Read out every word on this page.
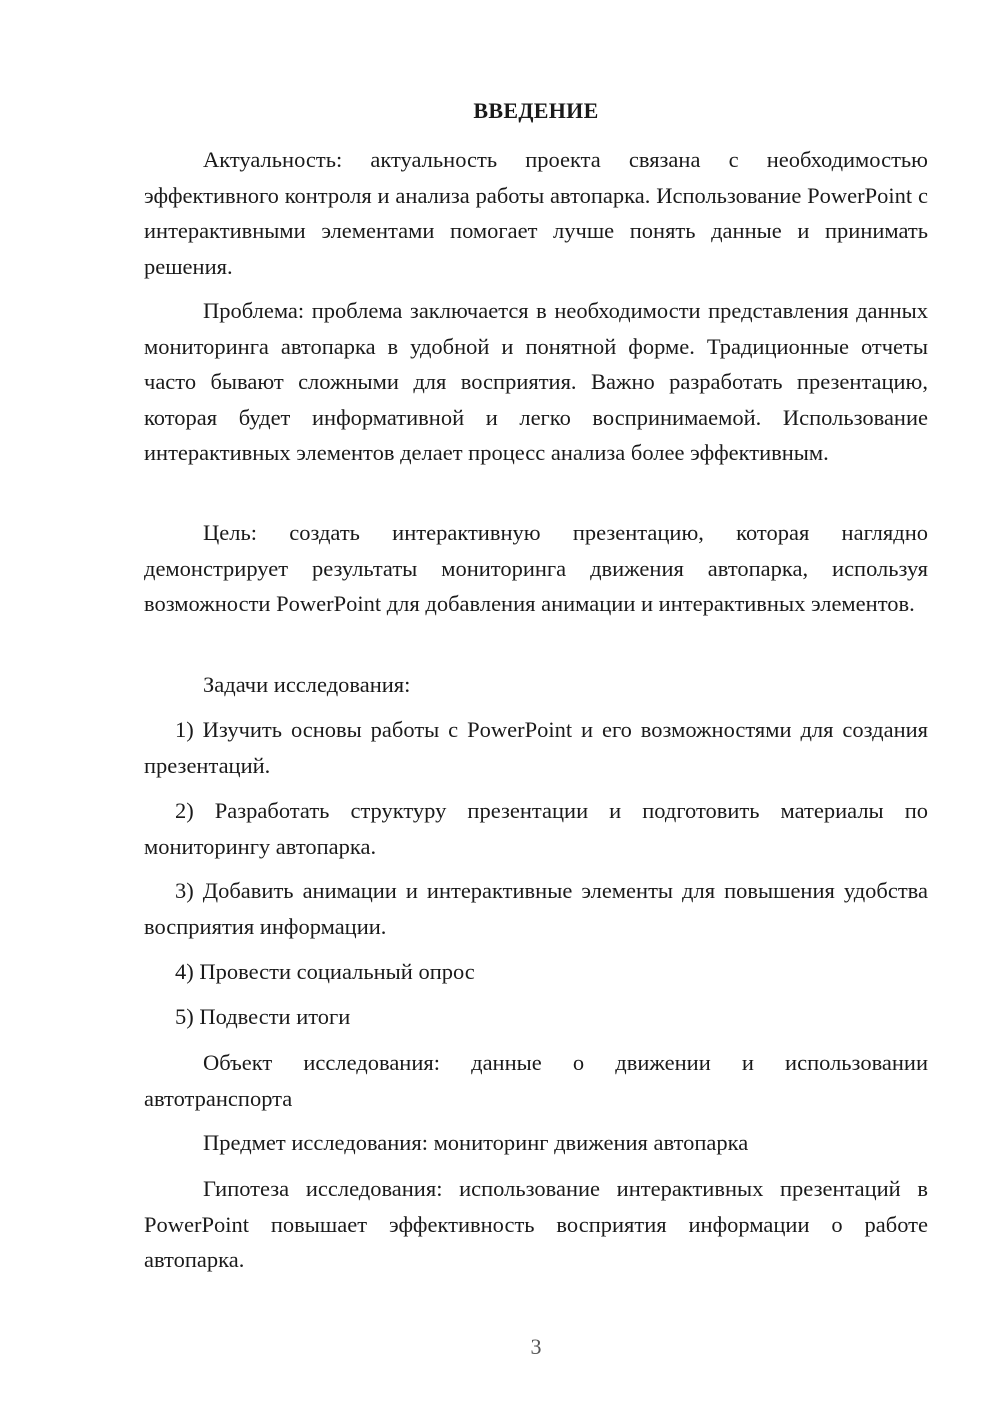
ВВЕДЕНИЕ

Актуальность: актуальность проекта связана с необходимостью эффективного контроля и анализа работы автопарка. Использование PowerPoint с интерактивными элементами помогает лучше понять данные и принимать решения.

Проблема: проблема заключается в необходимости представления данных мониторинга автопарка в удобной и понятной форме. Традиционные отчеты часто бывают сложными для восприятия. Важно разработать презентацию, которая будет информативной и легко воспринимаемой. Использование интерактивных элементов делает процесс анализа более эффективным.

Цель: создать интерактивную презентацию, которая наглядно демонстрирует результаты мониторинга движения автопарка, используя возможности PowerPoint для добавления анимации и интерактивных элементов.

Задачи исследования:

1) Изучить основы работы с PowerPoint и его возможностями для создания презентаций.

2) Разработать структуру презентации и подготовить материалы по мониторингу автопарка.

3) Добавить анимации и интерактивные элементы для повышения удобства восприятия информации.

4) Провести социальный опрос

5) Подвести итоги

Объект исследования: данные о движении и использовании автотранспорта

Предмет исследования: мониторинг движения автопарка

Гипотеза исследования: использование интерактивных презентаций в PowerPoint повышает эффективность восприятия информации о работе автопарка.

3
